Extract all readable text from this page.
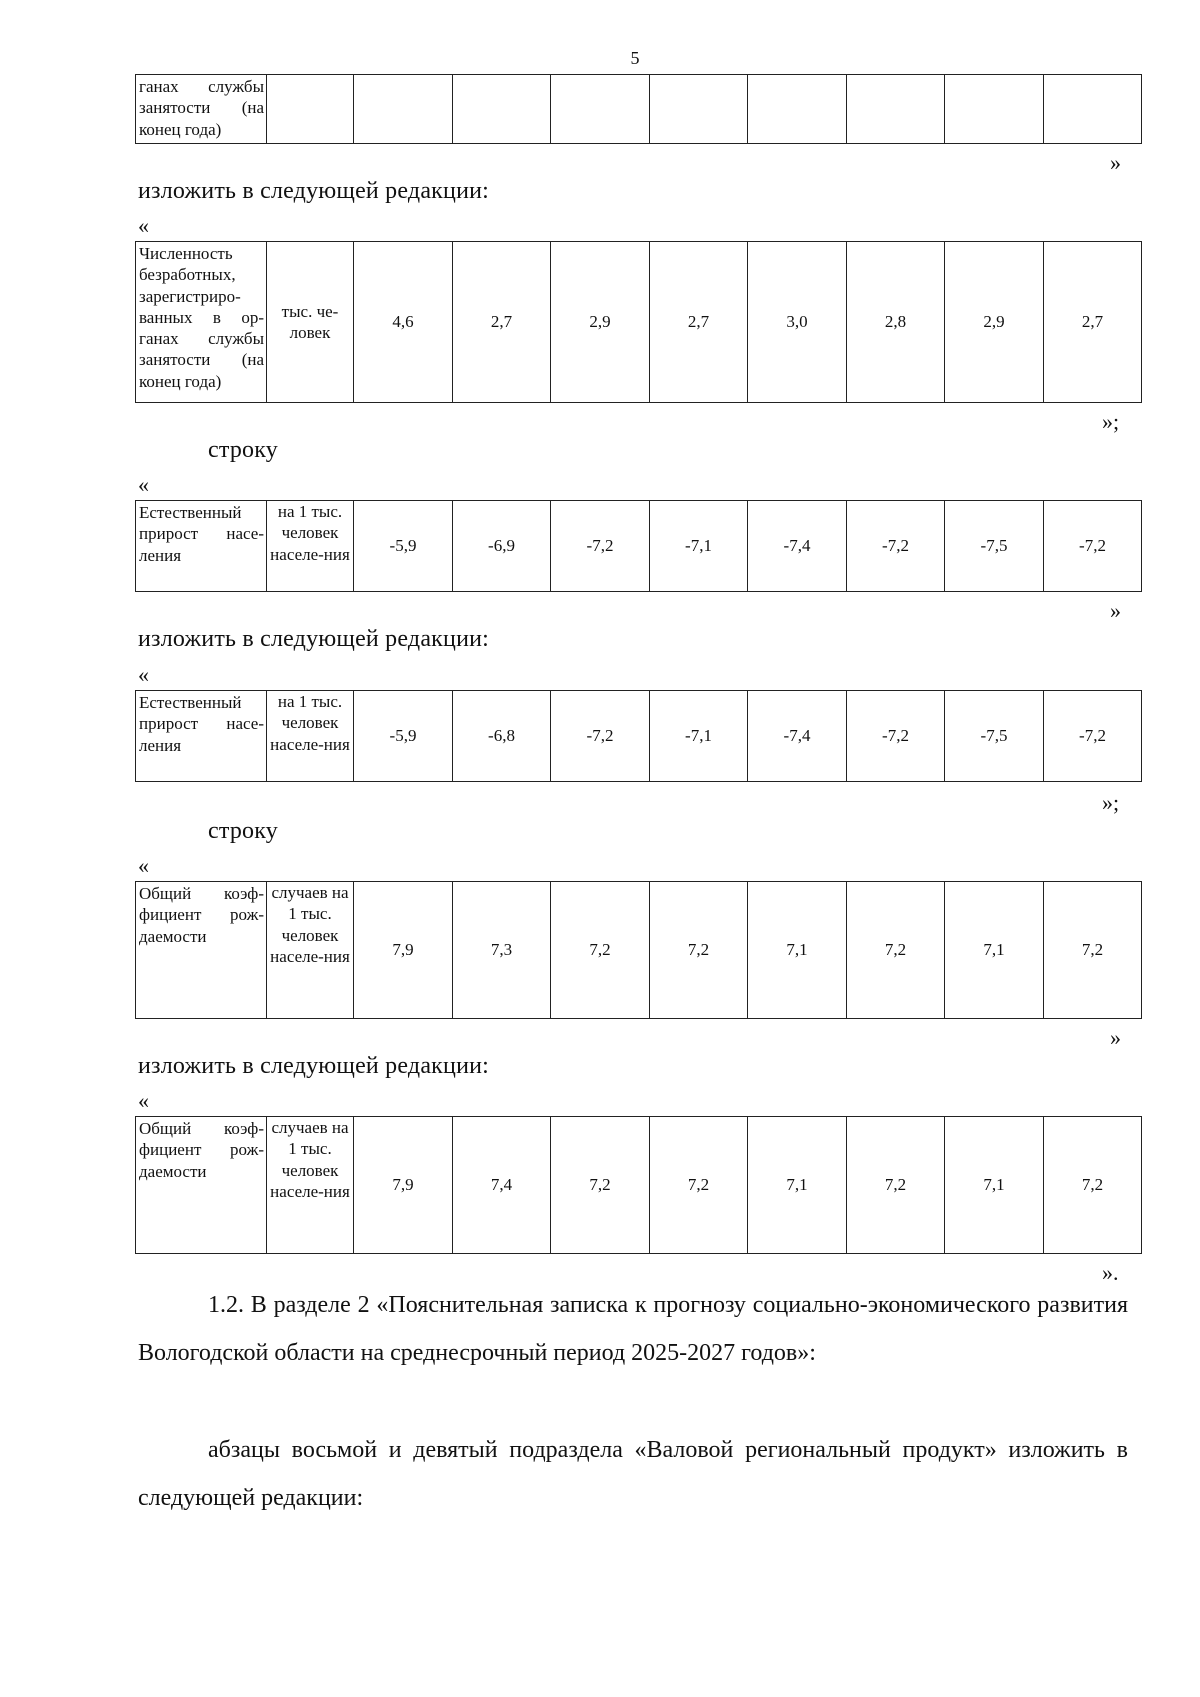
5
ганах службы занятости (на конец года)									
»
изложить в следующей редакции:
«
Численность безработных, зарегистриро-ванных в ор-ганах службы занятости (на конец года)	тыс. че-ловек	4,6	2,7	2,9	2,7	3,0	2,8	2,9	2,7
»;
строку
«
Естественный прирост насе-ления	на 1 тыс. человек населе-ния	-5,9	-6,9	-7,2	-7,1	-7,4	-7,2	-7,5	-7,2
»
изложить в следующей редакции:
«
Естественный прирост насе-ления	на 1 тыс. человек населе-ния	-5,9	-6,8	-7,2	-7,1	-7,4	-7,2	-7,5	-7,2
»;
строку
«
Общий коэф-фициент рож-даемости	случаев на 1 тыс. человек населе-ния	7,9	7,3	7,2	7,2	7,1	7,2	7,1	7,2
»
изложить в следующей редакции:
«
Общий коэф-фициент рож-даемости	случаев на 1 тыс. человек населе-ния	7,9	7,4	7,2	7,2	7,1	7,2	7,1	7,2
».
1.2. В разделе 2 «Пояснительная записка к прогнозу социально-экономического развития Вологодской области на среднесрочный период 2025-2027 годов»:
абзацы восьмой и девятый подраздела «Валовой региональный продукт» изложить в следующей редакции:
